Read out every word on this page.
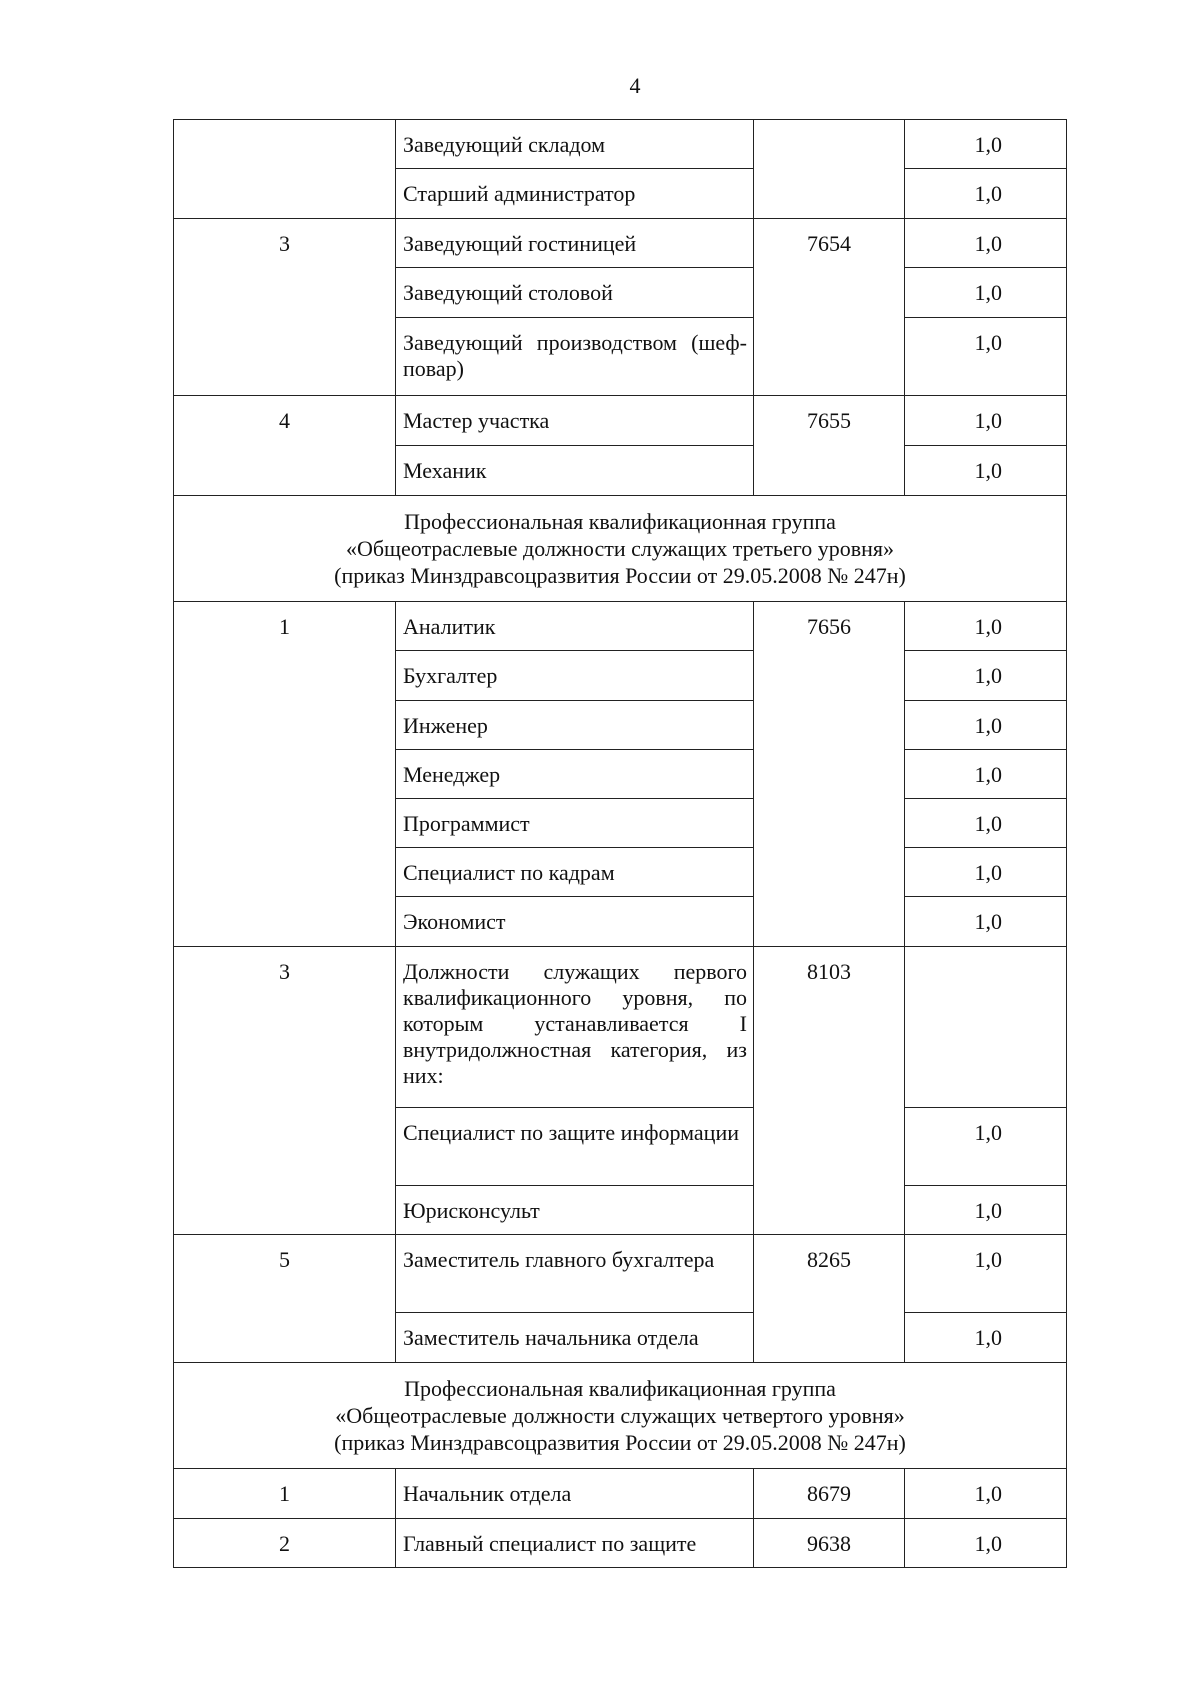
4
	Заведующий складом		1,0
	Старший администратор		1,0
3	Заведующий гостиницей	7654	1,0
	Заведующий столовой		1,0
	Заведующий производством (шеф-повар)		1,0
4	Мастер участка	7655	1,0
	Механик		1,0

Профессиональная квалификационная группа
«Общеотраслевые должности служащих третьего уровня»
(приказ Минздравсоцразвития России от 29.05.2008 № 247н)			

1	Аналитик	7656	1,0
	Бухгалтер		1,0
	Инженер		1,0
	Менеджер		1,0
	Программист		1,0
	Специалист по кадрам		1,0
	Экономист		1,0
3	Должности служащих первого квалификационного уровня, по которым устанавливается I внутридолжностная категория, из них:	8103	
	Специалист по защите информации		1,0
	Юрисконсульт		1,0
5	Заместитель главного бухгалтера	8265	1,0
	Заместитель начальника отдела		1,0

Профессиональная квалификационная группа
«Общеотраслевые должности служащих четвертого уровня»
(приказ Минздравсоцразвития России от 29.05.2008 № 247н)			

1	Начальник отдела	8679	1,0
2	Главный специалист по защите	9638	1,0
